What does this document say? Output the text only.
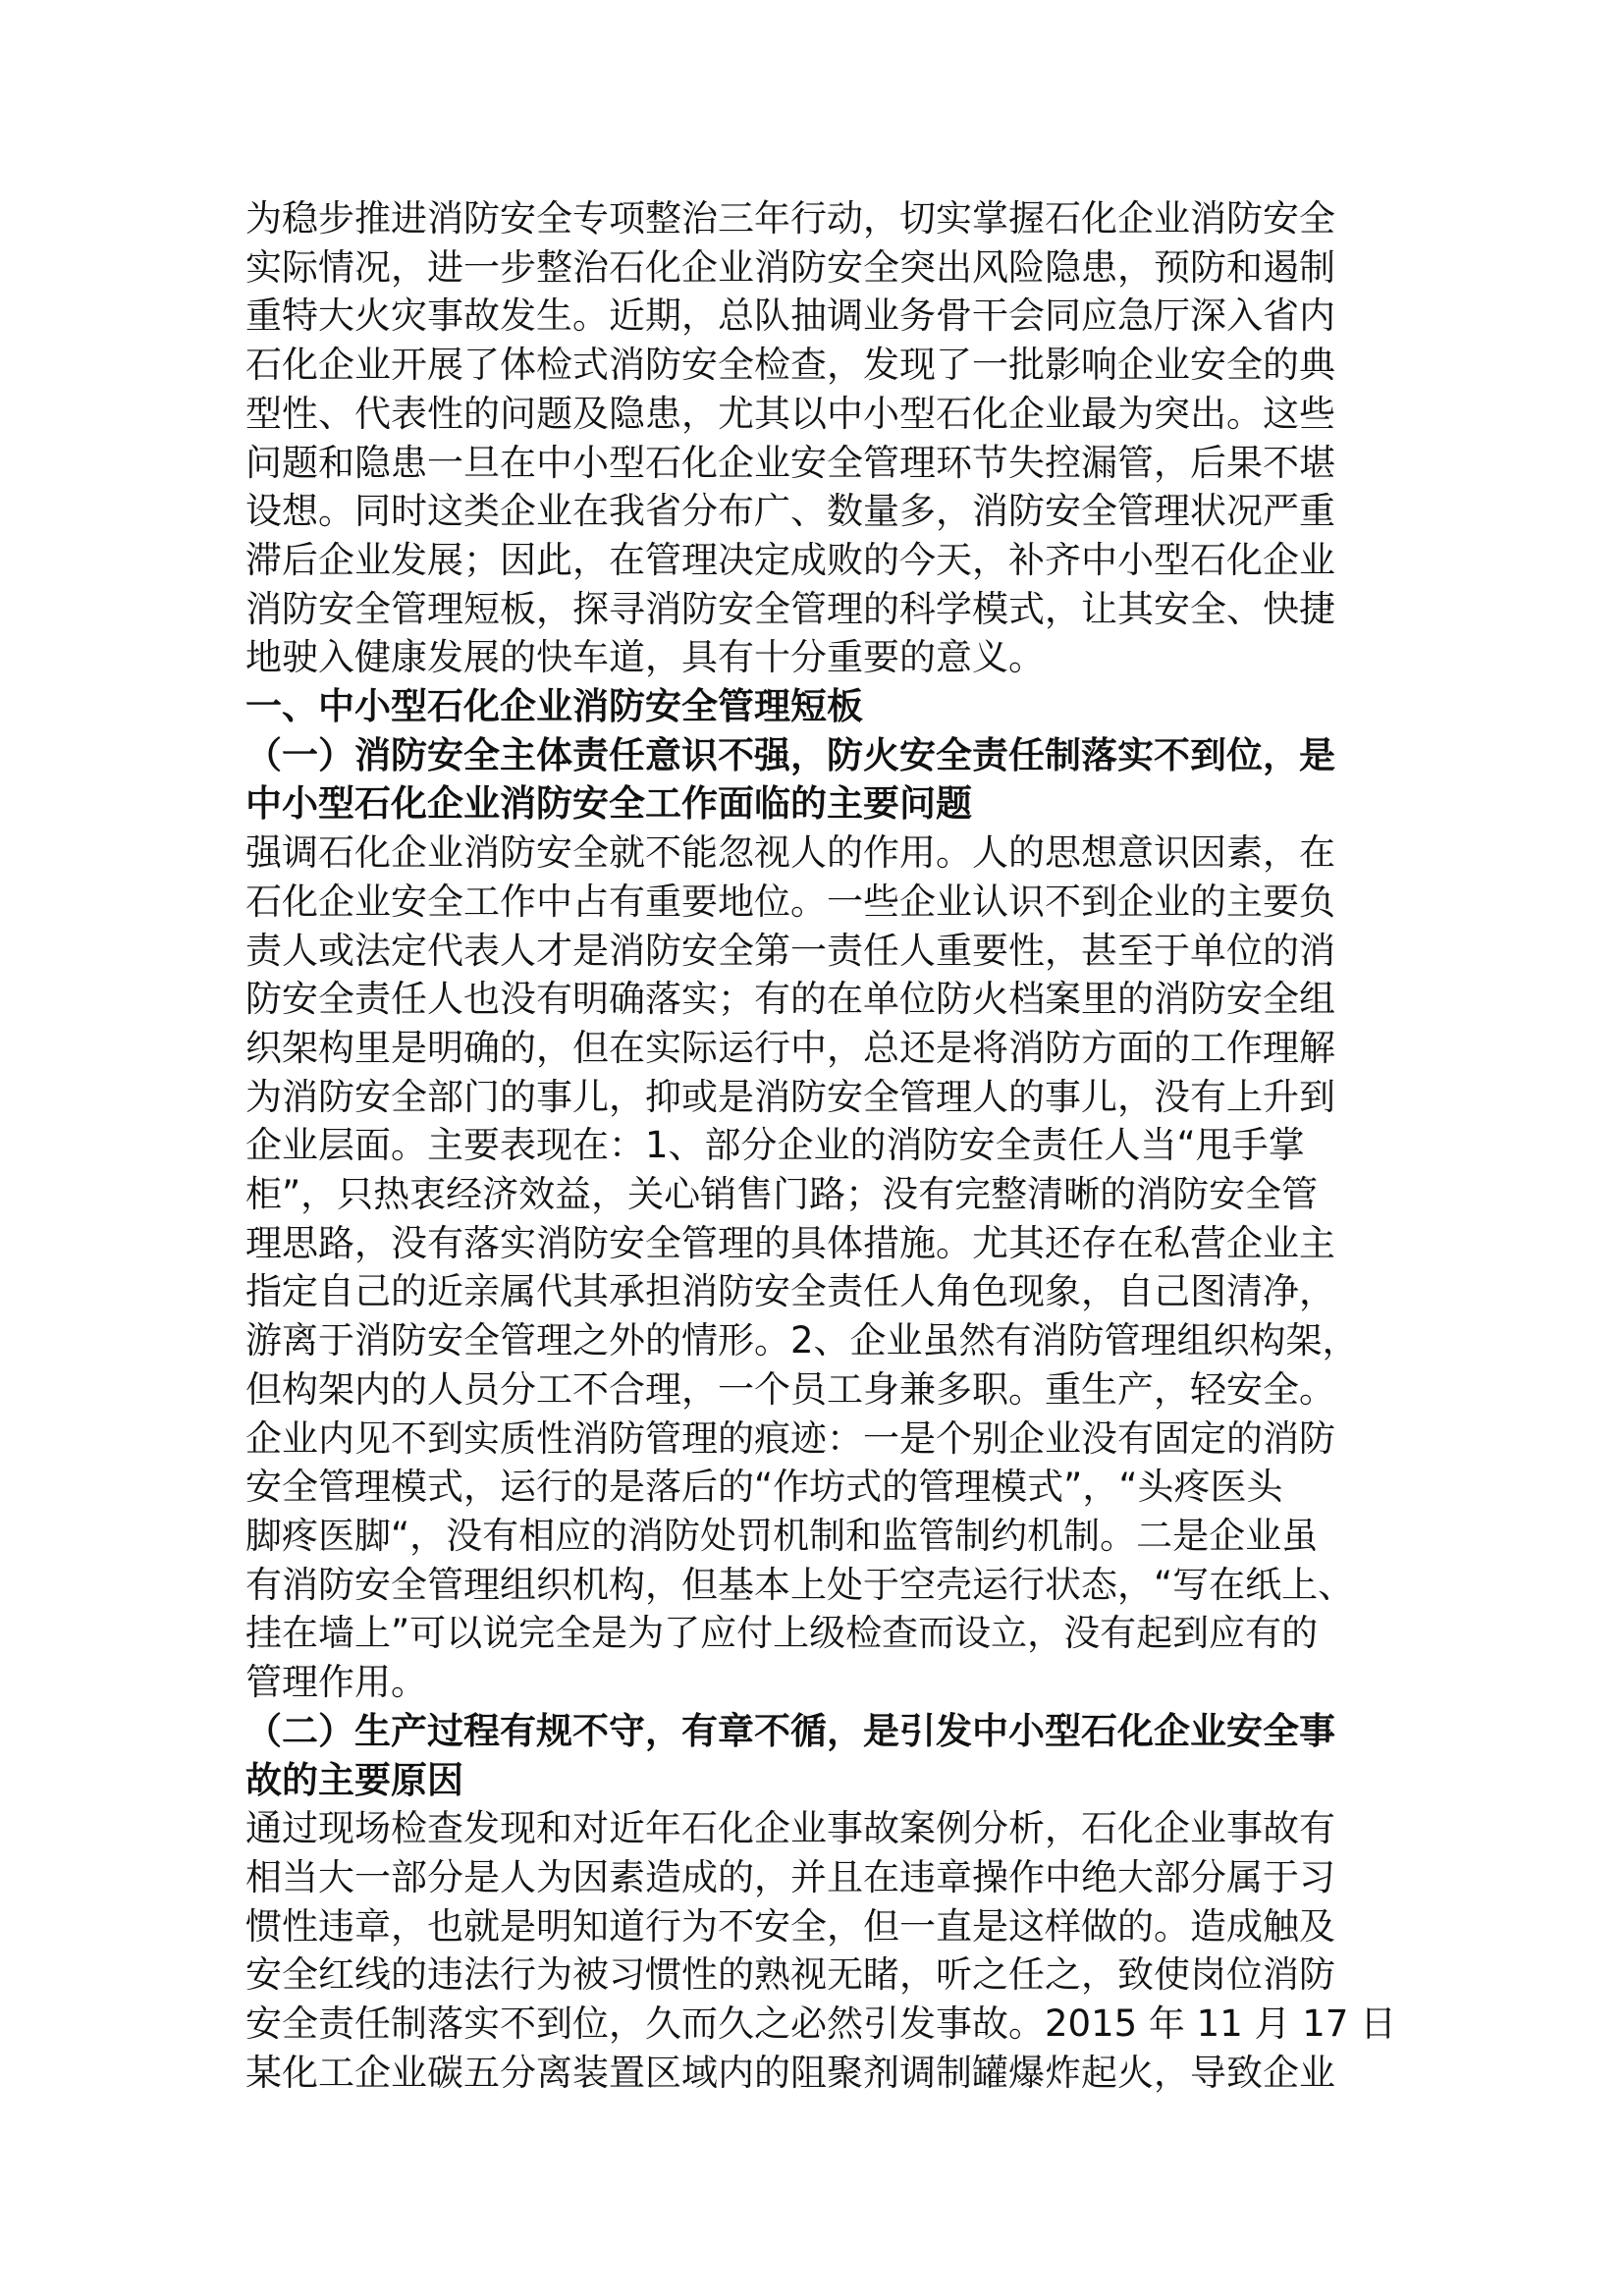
为稳步推进消防安全专项整治三年行动，切实掌握石化企业消防安全
实际情况，进一步整治石化企业消防安全突出风险隐患，预防和遏制
重特大火灾事故发生。近期，总队抽调业务骨干会同应急厅深入省内
石化企业开展了体检式消防安全检查，发现了一批影响企业安全的典
型性、代表性的问题及隐患，尤其以中小型石化企业最为突出。这些
问题和隐患一旦在中小型石化企业安全管理环节失控漏管，后果不堪
设想。同时这类企业在我省分布广、数量多，消防安全管理状况严重
滞后企业发展；因此，在管理决定成败的今天，补齐中小型石化企业
消防安全管理短板，探寻消防安全管理的科学模式，让其安全、快捷
地驶入健康发展的快车道，具有十分重要的意义。
一、中小型石化企业消防安全管理短板
（一）消防安全主体责任意识不强，防火安全责任制落实不到位，是
中小型石化企业消防安全工作面临的主要问题
强调石化企业消防安全就不能忽视人的作用。人的思想意识因素，在
石化企业安全工作中占有重要地位。一些企业认识不到企业的主要负
责人或法定代表人才是消防安全第一责任人重要性，甚至于单位的消
防安全责任人也没有明确落实；有的在单位防火档案里的消防安全组
织架构里是明确的，但在实际运行中，总还是将消防方面的工作理解
为消防安全部门的事儿，抑或是消防安全管理人的事儿，没有上升到
企业层面。主要表现在：1、部分企业的消防安全责任人当“甩手掌
柜”，只热衷经济效益，关心销售门路；没有完整清晰的消防安全管
理思路，没有落实消防安全管理的具体措施。尤其还存在私营企业主
指定自己的近亲属代其承担消防安全责任人角色现象，自己图清净，
游离于消防安全管理之外的情形。2、企业虽然有消防管理组织构架，
但构架内的人员分工不合理，一个员工身兼多职。重生产，轻安全。
企业内见不到实质性消防管理的痕迹：一是个别企业没有固定的消防
安全管理模式，运行的是落后的“作坊式的管理模式”，“头疼医头
脚疼医脚“，没有相应的消防处罚机制和监管制约机制。二是企业虽
有消防安全管理组织机构，但基本上处于空壳运行状态，“写在纸上、
挂在墙上”可以说完全是为了应付上级检查而设立，没有起到应有的
管理作用。
（二）生产过程有规不守，有章不循，是引发中小型石化企业安全事
故的主要原因
通过现场检查发现和对近年石化企业事故案例分析，石化企业事故有
相当大一部分是人为因素造成的，并且在违章操作中绝大部分属于习
惯性违章，也就是明知道行为不安全，但一直是这样做的。造成触及
安全红线的违法行为被习惯性的熟视无睹，听之任之，致使岗位消防
安全责任制落实不到位，久而久之必然引发事故。2015 年 11 月 17 日
某化工企业碳五分离装置区域内的阻聚剂调制罐爆炸起火，导致企业
